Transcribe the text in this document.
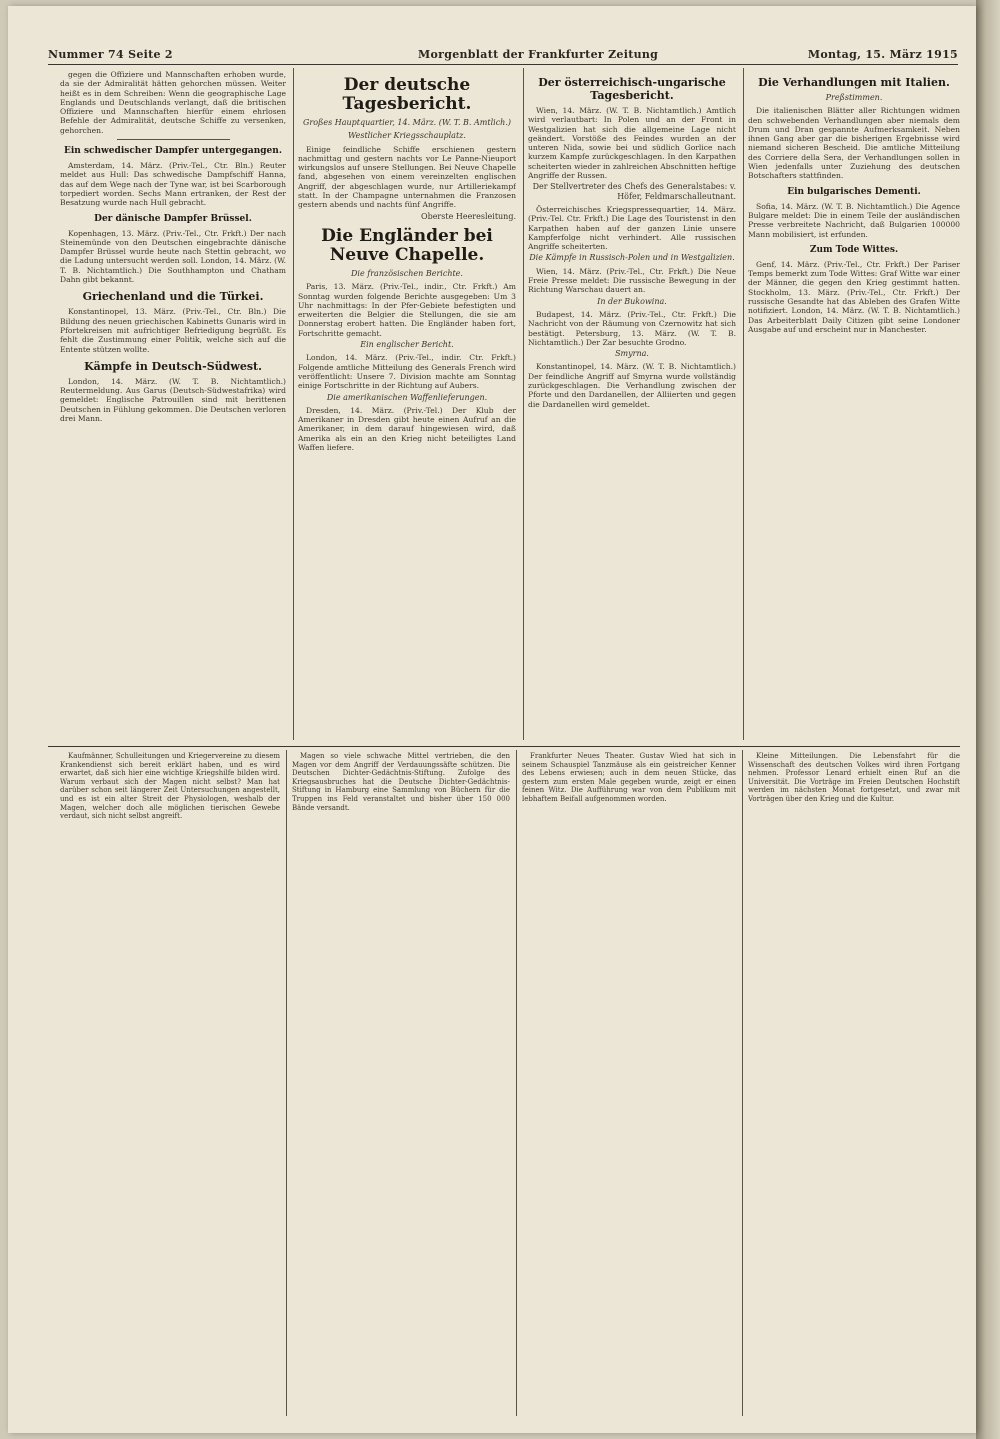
Nummer 74 Seite 2	Morgenblatt der Frankfurter Zeitung	Montag, 15. März 1915

gegen die Offiziere und Mannschaften erhoben wurde, da sie der Admiralität hätten gehorchen müssen. Weiter heißt es in dem Schreiben: Wenn die geographische Lage Englands und Deutschlands verlangt, daß die britischen Offiziere und Mannschaften hierfür einem ehrlosen Befehle der Admiralität, deutsche Schiffe zu versenken, gehorchen.

Ein schwedischer Dampfer untergegangen.

Amsterdam, 14. März. (Priv.-Tel., Ctr. Bln.) Reuter meldet aus Hull: Das schwedische Dampfschiff Hanna, das auf dem Wege nach der Tyne war, ist bei Scarborough torpediert worden. Sechs Mann ertranken, der Rest der Besatzung wurde nach Hull gebracht.

Der dänische Dampfer Brüssel.

Kopenhagen, 13. März. (Priv.-Tel., Ctr. Frkft.) Der nach Steinemünde von den Deutschen eingebrachte dänische Dampfer Brüssel wurde heute nach Stettin gebracht, wo die Ladung untersucht werden soll. London, 14. März. (W. T. B. Nichtamtlich.) Die Southhampton und Chatham Dahn gibt bekannt.

Griechenland und die Türkei.

Konstantinopel, 13. März. (Priv.-Tel., Ctr. Bln.) Die Bildung des neuen griechischen Kabinetts Gunaris wird in Pfortekreisen mit aufrichtiger Befriedigung begrüßt. Es fehlt die Zustimmung einer Politik, welche sich auf die Entente stützen wollte.

Kämpfe in Deutsch-Südwest.

London, 14. März. (W. T. B. Nichtamtlich.) Reutermeldung. Aus Garus (Deutsch-Südwestafrika) wird gemeldet: Englische Patrouillen sind mit berittenen Deutschen in Fühlung gekommen. Die Deutschen verloren drei Mann.

Der deutsche Tagesbericht.
Großes Hauptquartier, 14. März. (W. T. B. Amtlich.)
Westlicher Kriegsschauplatz.

Einige feindliche Schiffe erschienen gestern nachmittag und gestern nachts vor Le Panne-Nieuport wirkungslos auf unsere Stellungen. Bei Neuve Chapelle fand, abgesehen von einem vereinzelten englischen Angriff, der abgeschlagen wurde, nur Artilleriekampf statt. In der Champagne unternahmen die Franzosen gestern abends und nachts fünf Angriffe.

Oberste Heeresleitung.
Die Engländer bei Neuve Chapelle.
Die französischen Berichte.

Paris, 13. März. (Priv.-Tel., indir., Ctr. Frkft.) Am Sonntag wurden folgende Berichte ausgegeben: Um 3 Uhr nachmittags: In der Pfer-Gebiete befestigten und erweiterten die Belgier die Stellungen, die sie am Donnerstag erobert hatten. Die Engländer haben fort, Fortschritte gemacht.

Ein englischer Bericht.

London, 14. März. (Priv.-Tel., indir. Ctr. Frkft.) Folgende amtliche Mitteilung des Generals French wird veröffentlicht: Unsere 7. Division machte am Sonntag einige Fortschritte in der Richtung auf Aubers.

Die amerikanischen Waffenlieferungen.

Dresden, 14. März. (Priv.-Tel.) Der Klub der Amerikaner in Dresden gibt heute einen Aufruf an die Amerikaner, in dem darauf hingewiesen wird, daß Amerika als ein an den Krieg nicht beteiligtes Land Waffen liefere.

Der österreichisch-ungarische Tagesbericht.

Wien, 14. März. (W. T. B. Nichtamtlich.) Amtlich wird verlautbart: In Polen und an der Front in Westgalizien hat sich die allgemeine Lage nicht geändert. Vorstöße des Feindes wurden an der unteren Nida, sowie bei und südlich Gorlice nach kurzem Kampfe zurückgeschlagen. In den Karpathen scheiterten wieder in zahlreichen Abschnitten heftige Angriffe der Russen.

Der Stellvertreter des Chefs des Generalstabes: v. Höfer, Feldmarschalleutnant.

Österreichisches Kriegspressequartier, 14. März. (Priv.-Tel. Ctr. Frkft.) Die Lage des Touristenst in den Karpathen haben auf der ganzen Linie unsere Kampferfolge nicht verhindert. Alle russischen Angriffe scheiterten.

Die Kämpfe in Russisch-Polen und in Westgalizien.

Wien, 14. März. (Priv.-Tel., Ctr. Frkft.) Die Neue Freie Presse meldet: Die russische Bewegung in der Richtung Warschau dauert an.

In der Bukowina.

Budapest, 14. März. (Priv.-Tel., Ctr. Frkft.) Die Nachricht von der Räumung von Czernowitz hat sich bestätigt. Petersburg, 13. März. (W. T. B. Nichtamtlich.) Der Zar besuchte Grodno.

Smyrna.

Konstantinopel, 14. März. (W. T. B. Nichtamtlich.) Der feindliche Angriff auf Smyrna wurde vollständig zurückgeschlagen. Die Verhandlung zwischen der Pforte und den Dardanellen, der Alliierten und gegen die Dardanellen wird gemeldet.

Die Verhandlungen mit Italien.
Preßstimmen.

Die italienischen Blätter aller Richtungen widmen den schwebenden Verhandlungen aber niemals dem Drum und Dran gespannte Aufmerksamkeit. Neben ihnen Gang aber gar die bisherigen Ergebnisse wird niemand sicheren Bescheid. Die amtliche Mitteilung des Corriere della Sera, der Verhandlungen sollen in Wien jedenfalls unter Zuziehung des deutschen Botschafters stattfinden.

Ein bulgarisches Dementi.

Sofia, 14. März. (W. T. B. Nichtamtlich.) Die Agence Bulgare meldet: Die in einem Teile der ausländischen Presse verbreitete Nachricht, daß Bulgarien 100000 Mann mobilisiert, ist erfunden.

Zum Tode Wittes.

Genf, 14. März. (Priv.-Tel., Ctr. Frkft.) Der Pariser Temps bemerkt zum Tode Wittes: Graf Witte war einer der Männer, die gegen den Krieg gestimmt hatten. Stockholm, 13. März. (Priv.-Tel., Ctr. Frkft.) Der russische Gesandte hat das Ableben des Grafen Witte notifiziert. London, 14. März. (W. T. B. Nichtamtlich.) Das Arbeiterblatt Daily Citizen gibt seine Londoner Ausgabe auf und erscheint nur in Manchester.

Kaufmänner, Schulleitungen und Kriegervereine zu diesem Krankendienst sich bereit erklärt haben, und es wird erwartet, daß sich hier eine wichtige Kriegshilfe bilden wird. Warum verbaut sich der Magen nicht selbst? Man hat darüber schon seit längerer Zeit Untersuchungen angestellt, und es ist ein alter Streit der Physiologen, weshalb der Magen, welcher doch alle möglichen tierischen Gewebe verdaut, sich nicht selbst angreift.

Magen so viele schwache Mittel vertrieben, die den Magen vor dem Angriff der Verdauungssäfte schützen. Die Deutschen Dichter-Gedächtnis-Stiftung. Zufolge des Kriegsausbruches hat die Deutsche Dichter-Gedächtnis-Stiftung in Hamburg eine Sammlung von Büchern für die Truppen ins Feld veranstaltet und bisher über 150 000 Bände versandt.

Frankfurter Neues Theater. Gustav Wied hat sich in seinem Schauspiel Tanzmäuse als ein geistreicher Kenner des Lebens erwiesen; auch in dem neuen Stücke, das gestern zum ersten Male gegeben wurde, zeigt er einen feinen Witz. Die Aufführung war von dem Publikum mit lebhaftem Beifall aufgenommen worden.

Kleine Mitteilungen. Die Lebensfahrt für die Wissenschaft des deutschen Volkes wird ihren Fortgang nehmen. Professor Lenard erhielt einen Ruf an die Universität. Die Vorträge im Freien Deutschen Hochstift werden im nächsten Monat fortgesetzt, und zwar mit Vorträgen über den Krieg und die Kultur.
